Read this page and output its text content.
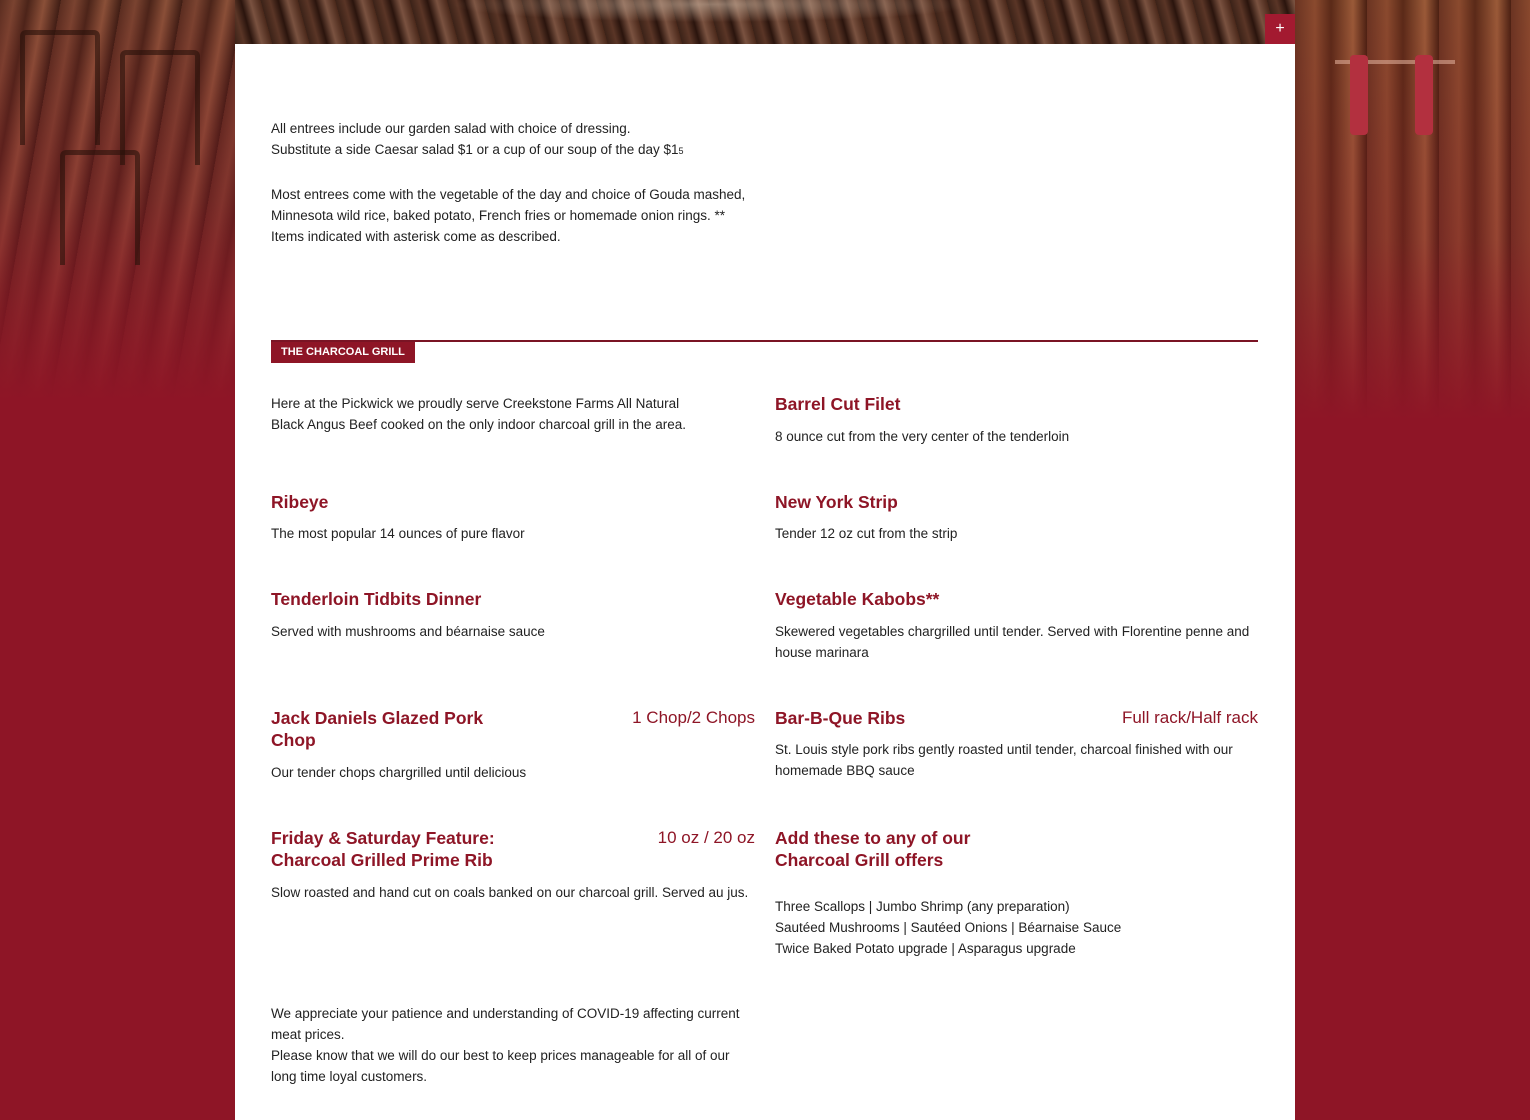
+

All entrees include our garden salad with choice of dressing.
Substitute a side Caesar salad $1 or a cup of our soup of the day $15

Most entrees come with the vegetable of the day and choice of Gouda mashed,
Minnesota wild rice, baked potato, French fries or homemade onion rings. **
Items indicated with asterisk come as described.

THE CHARCOAL GRILL

Here at the Pickwick we proudly serve Creekstone Farms All Natural
Black Angus Beef cooked on the only indoor charcoal grill in the area.

Barrel Cut Filet

8 ounce cut from the very center of the tenderloin

Ribeye

The most popular 14 ounces of pure flavor

New York Strip

Tender 12 oz cut from the strip

Tenderloin Tidbits Dinner

Served with mushrooms and béarnaise sauce

Vegetable Kabobs**

Skewered vegetables chargrilled until tender. Served with Florentine penne and
house marinara

Jack Daniels Glazed Pork
Chop
1 Chop/2 Chops

Our tender chops chargrilled until delicious

Bar-B-Que Ribs	Full rack/Half rack

St. Louis style pork ribs gently roasted until tender, charcoal finished with our
homemade BBQ sauce

Friday & Saturday Feature:
Charcoal Grilled Prime Rib
10 oz / 20 oz

Slow roasted and hand cut on coals banked on our charcoal grill. Served au jus.

Add these to any of our
Charcoal Grill offers

Three Scallops | Jumbo Shrimp (any preparation)
Sautéed Mushrooms | Sautéed Onions | Béarnaise Sauce
Twice Baked Potato upgrade | Asparagus upgrade

We appreciate your patience and understanding of COVID-19 affecting current
meat prices.
Please know that we will do our best to keep prices manageable for all of our
long time loyal customers.
